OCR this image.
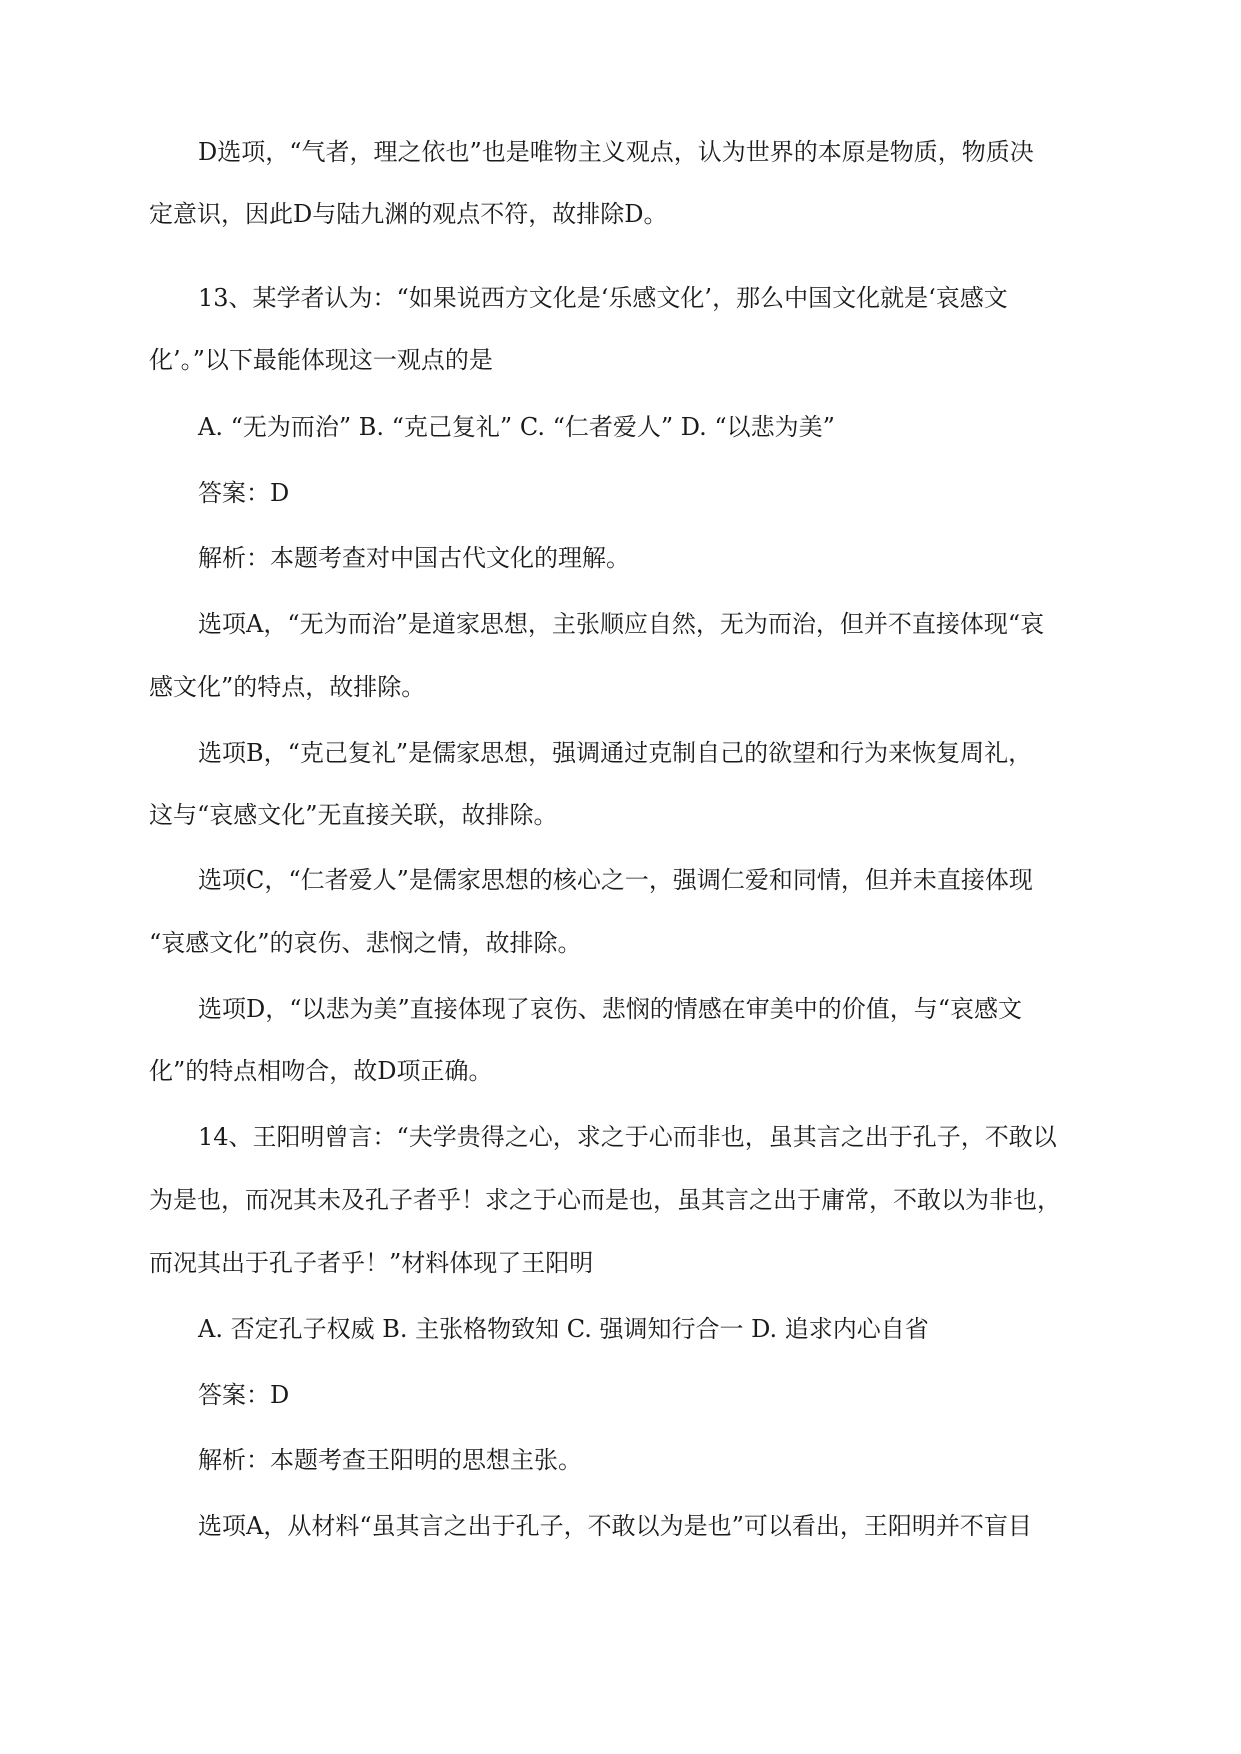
D选项，“气者，理之依也”也是唯物主义观点，认为世界的本原是物质，物质决

定意识，因此D与陆九渊的观点不符，故排除D。

13、某学者认为：“如果说西方文化是‘乐感文化’，那么中国文化就是‘哀感文

化’。”以下最能体现这一观点的是

A. “无为而治” B. “克己复礼” C. “仁者爱人” D. “以悲为美”

答案：D

解析：本题考查对中国古代文化的理解。

选项A，“无为而治”是道家思想，主张顺应自然，无为而治，但并不直接体现“哀

感文化”的特点，故排除。

选项B，“克己复礼”是儒家思想，强调通过克制自己的欲望和行为来恢复周礼，

这与“哀感文化”无直接关联，故排除。

选项C，“仁者爱人”是儒家思想的核心之一，强调仁爱和同情，但并未直接体现

“哀感文化”的哀伤、悲悯之情，故排除。

选项D，“以悲为美”直接体现了哀伤、悲悯的情感在审美中的价值，与“哀感文

化”的特点相吻合，故D项正确。

14、王阳明曾言：“夫学贵得之心，求之于心而非也，虽其言之出于孔子，不敢以

为是也，而况其未及孔子者乎！求之于心而是也，虽其言之出于庸常，不敢以为非也，

而况其出于孔子者乎！”材料体现了王阳明

A. 否定孔子权威 B. 主张格物致知 C. 强调知行合一 D. 追求内心自省

答案：D

解析：本题考查王阳明的思想主张。

选项A，从材料“虽其言之出于孔子，不敢以为是也”可以看出，王阳明并不盲目
